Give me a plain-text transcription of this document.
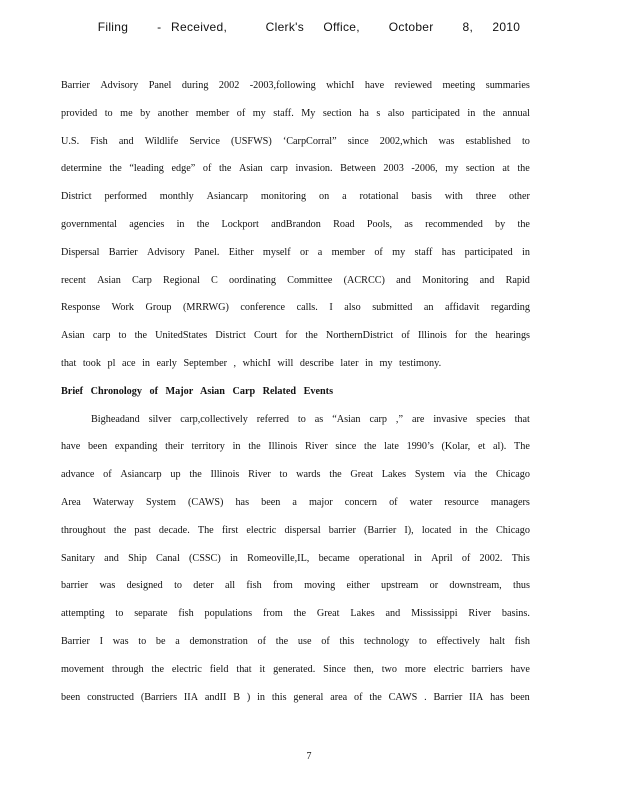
Filing   - Received,    Clerk's  Office,   October   8,  2010
Barrier Advisory Panel during 2002 -2003,following whichI have reviewed meeting summaries
provided to me by another member of my staff. My section ha s also participated in the annual
U.S. Fish and Wildlife Service (USFWS) ‘CarpCorral” since 2002,which was established to
determine the “leading edge” of the Asian carp invasion. Between 2003 -2006, my section at the
District performed monthly Asiancarp monitoring on a rotational basis with three other
governmental agencies in the Lockport andBrandon Road Pools, as recommended by the
Dispersal Barrier Advisory Panel. Either myself or a member of my staff has participated in
recent Asian Carp Regional C oordinating Committee (ACRCC) and Monitoring and Rapid
Response Work Group (MRRWG) conference calls. I also submitted an affidavit regarding
Asian carp to the UnitedStates District Court for the NorthernDistrict of Illinois for the hearings
that took pl ace in early September , whichI will describe later in my testimony.
Brief Chronology of Major Asian Carp Related Events
Bigheadand silver carp,collectively referred to as “Asian carp ,” are invasive species that
have been expanding their territory in the Illinois River since the late 1990’s (Kolar, et al). The
advance of Asiancarp up the Illinois River to wards the Great Lakes System via the Chicago
Area Waterway System (CAWS) has been a major concern of water resource managers
throughout the past decade. The first electric dispersal barrier (Barrier I), located in the Chicago
Sanitary and Ship Canal (CSSC) in Romeoville,IL, became operational in April of 2002. This
barrier was designed to deter all fish from moving either upstream or downstream, thus
attempting to separate fish populations from the Great Lakes and Mississippi River basins.
Barrier I was to be a demonstration of the use of this technology to effectively halt fish
movement through the electric field that it generated. Since then, two more electric barriers have
been constructed (Barriers IIA andII B ) in this general area of the CAWS . Barrier IIA has been
7
